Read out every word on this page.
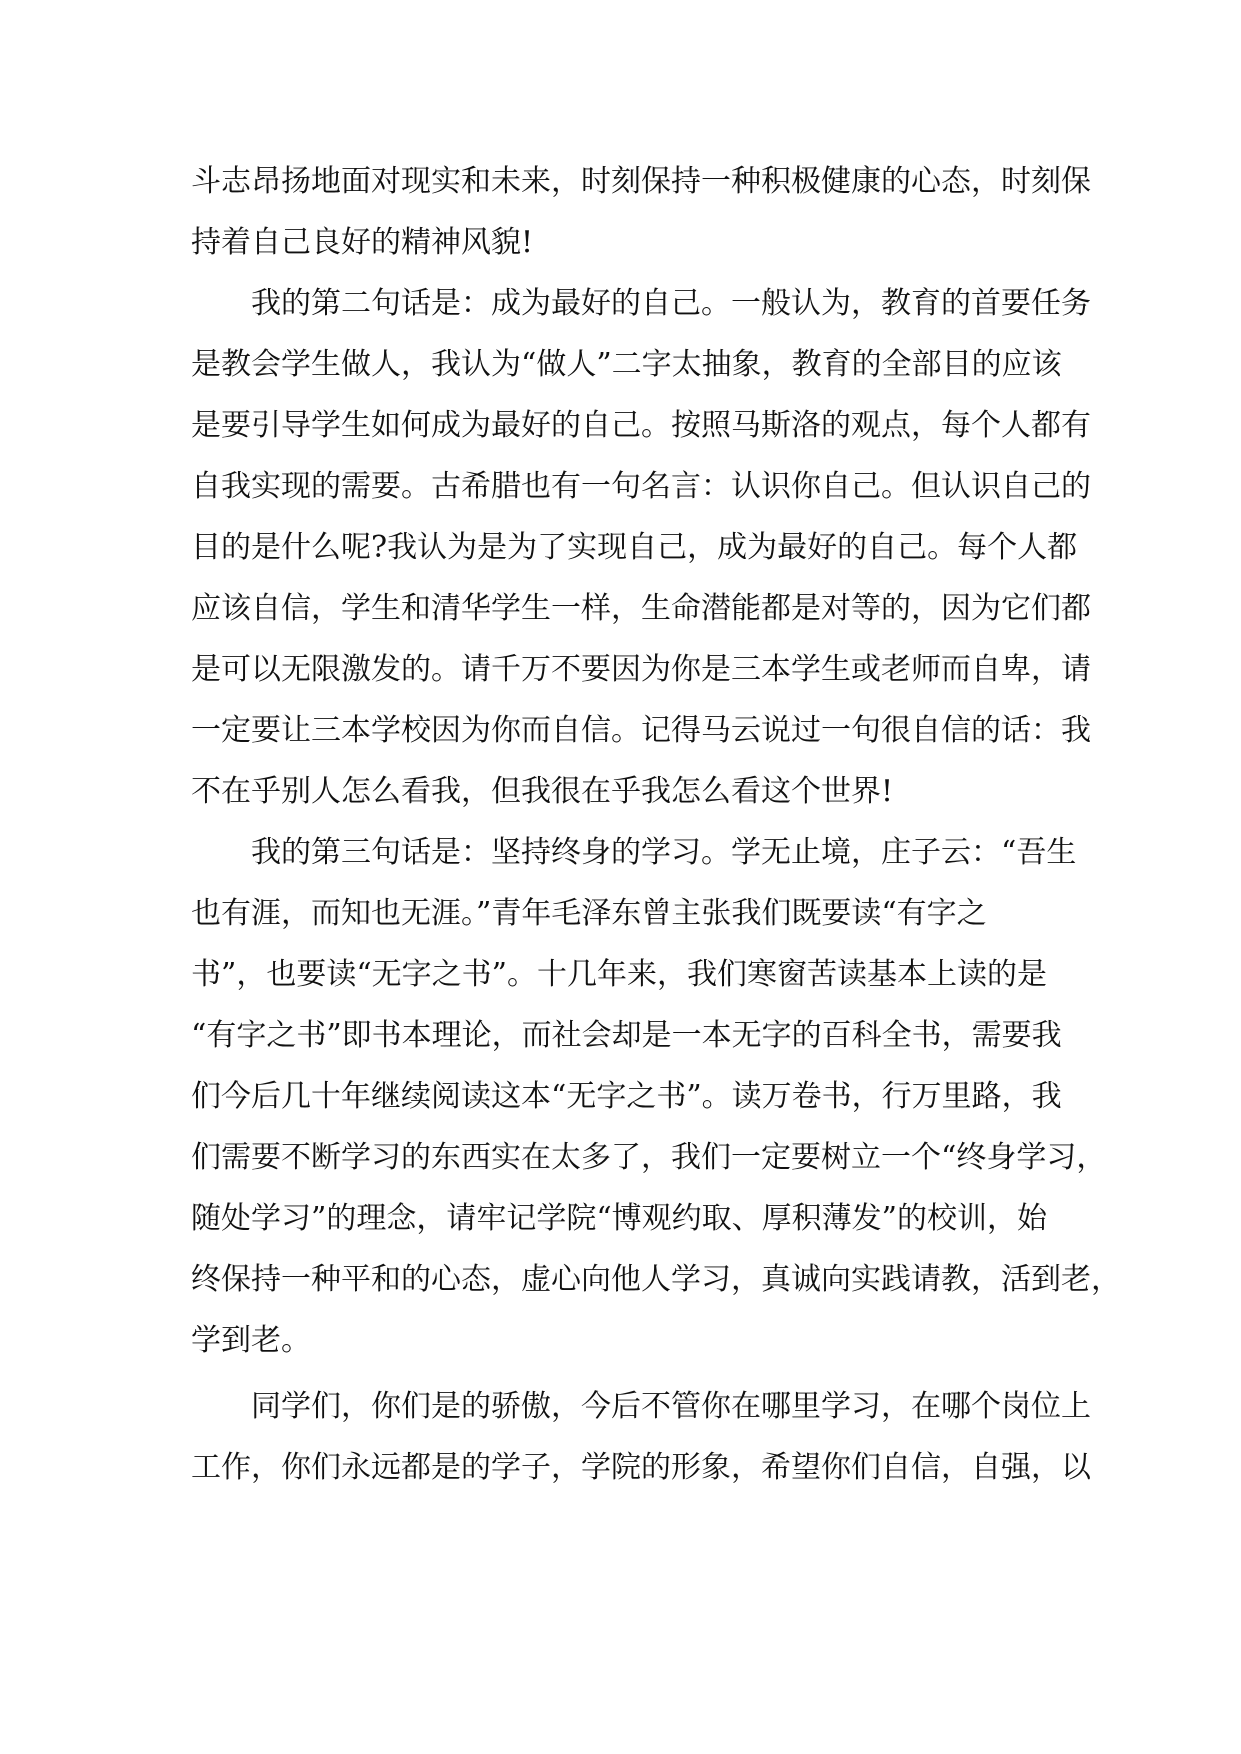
斗志昂扬地面对现实和未来，时刻保持一种积极健康的心态，时刻保
持着自己良好的精神风貌!
我的第二句话是：成为最好的自己。一般认为，教育的首要任务
是教会学生做人，我认为“做人”二字太抽象，教育的全部目的应该
是要引导学生如何成为最好的自己。按照马斯洛的观点，每个人都有
自我实现的需要。古希腊也有一句名言：认识你自己。但认识自己的
目的是什么呢?我认为是为了实现自己，成为最好的自己。每个人都
应该自信，学生和清华学生一样，生命潜能都是对等的，因为它们都
是可以无限激发的。请千万不要因为你是三本学生或老师而自卑，请
一定要让三本学校因为你而自信。记得马云说过一句很自信的话：我
不在乎别人怎么看我，但我很在乎我怎么看这个世界!
我的第三句话是：坚持终身的学习。学无止境，庄子云：“吾生
也有涯，而知也无涯。”青年毛泽东曾主张我们既要读“有字之
书”，也要读“无字之书”。十几年来，我们寒窗苦读基本上读的是
“有字之书”即书本理论，而社会却是一本无字的百科全书，需要我
们今后几十年继续阅读这本“无字之书”。读万卷书，行万里路，我
们需要不断学习的东西实在太多了，我们一定要树立一个“终身学习，
随处学习”的理念，请牢记学院“博观约取、厚积薄发”的校训，始
终保持一种平和的心态，虚心向他人学习，真诚向实践请教，活到老，
学到老。
同学们，你们是的骄傲，今后不管你在哪里学习，在哪个岗位上
工作，你们永远都是的学子，学院的形象，希望你们自信，自强，以
